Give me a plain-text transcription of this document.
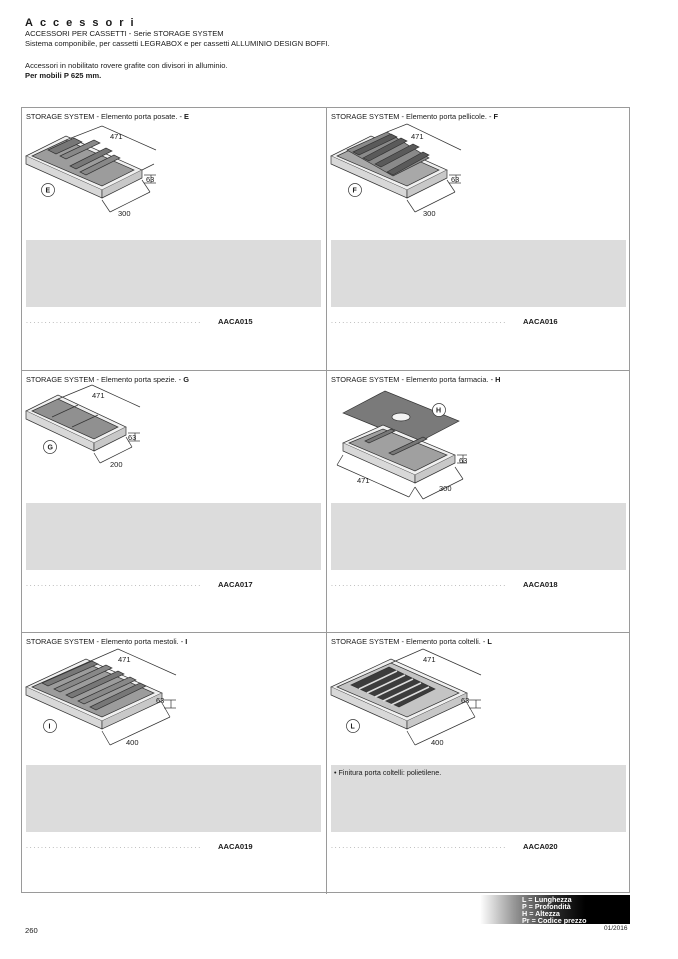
Accessori
ACCESSORI PER CASSETTI - Serie STORAGE SYSTEM
Sistema componibile, per cassetti LEGRABOX e per cassetti ALLUMINIO DESIGN BOFFI.
Accessori in nobilitato rovere grafite con divisori in alluminio.
Per mobili P 625 mm.
STORAGE SYSTEM - Elemento porta posate. - E
471
63
300
E
...............................................	AACA015
STORAGE SYSTEM - Elemento porta pellicole. - F
471
63
300
F
...............................................	AACA016
STORAGE SYSTEM - Elemento porta spezie. - G
471
63
200
G
...............................................	AACA017
STORAGE SYSTEM - Elemento porta farmacia. - H
471
63
300
H
...............................................	AACA018
STORAGE SYSTEM - Elemento porta mestoli. - I
471
63
400
I
...............................................	AACA019
STORAGE SYSTEM - Elemento porta coltelli. - L
471
63
400
L
• Finitura porta coltelli: polietilene.
...............................................	AACA020
L = Lunghezza
P = Profondità
H = Altezza
Pr = Codice prezzo
260	01/2016
